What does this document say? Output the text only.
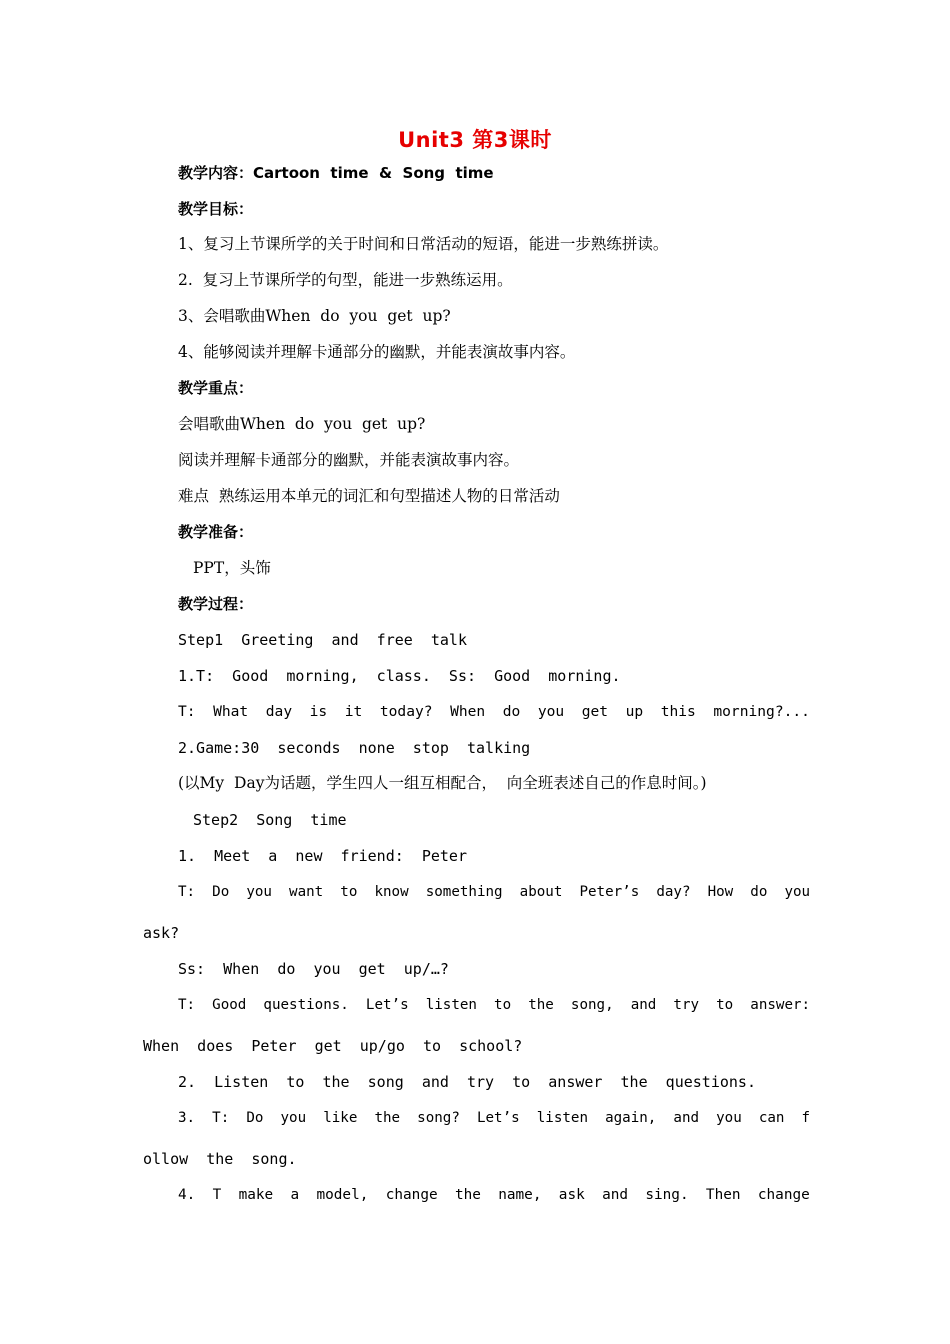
Unit3 第3课时
教学内容：Cartoon  time  &  Song  time
教学目标：
1、复习上节课所学的关于时间和日常活动的短语，能进一步熟练拼读。
2.  复习上节课所学的句型，能进一步熟练运用。
3、会唱歌曲When  do  you  get  up?
4、能够阅读并理解卡通部分的幽默，并能表演故事内容。
教学重点：
会唱歌曲When  do  you  get  up?
阅读并理解卡通部分的幽默，并能表演故事内容。
难点  熟练运用本单元的词汇和句型描述人物的日常活动
教学准备：
PPT，头饰
教学过程：
Step1  Greeting  and  free  talk
1.T:  Good  morning,  class.  Ss:  Good  morning.
T:  What  day  is  it  today?  When  do  you  get  up  this  morning?...
2.Game:30  seconds  none  stop  talking
(以My  Day为话题，学生四人一组互相配合，  向全班表述自己的作息时间。)
Step2  Song  time
1.  Meet  a  new  friend:  Peter
T:  Do  you  want  to  know  something  about  Peter’s  day?  How  do  you
ask?
Ss:  When  do  you  get  up/…?
T:  Good  questions.  Let’s  listen  to  the  song,  and  try  to  answer:
When  does  Peter  get  up/go  to  school?
2.  Listen  to  the  song  and  try  to  answer  the  questions.
3.  T:  Do  you  like  the  song?  Let’s  listen  again,  and  you  can  f
ollow  the  song.
4.  T  make  a  model,  change  the  name,  ask  and  sing.  Then  change
